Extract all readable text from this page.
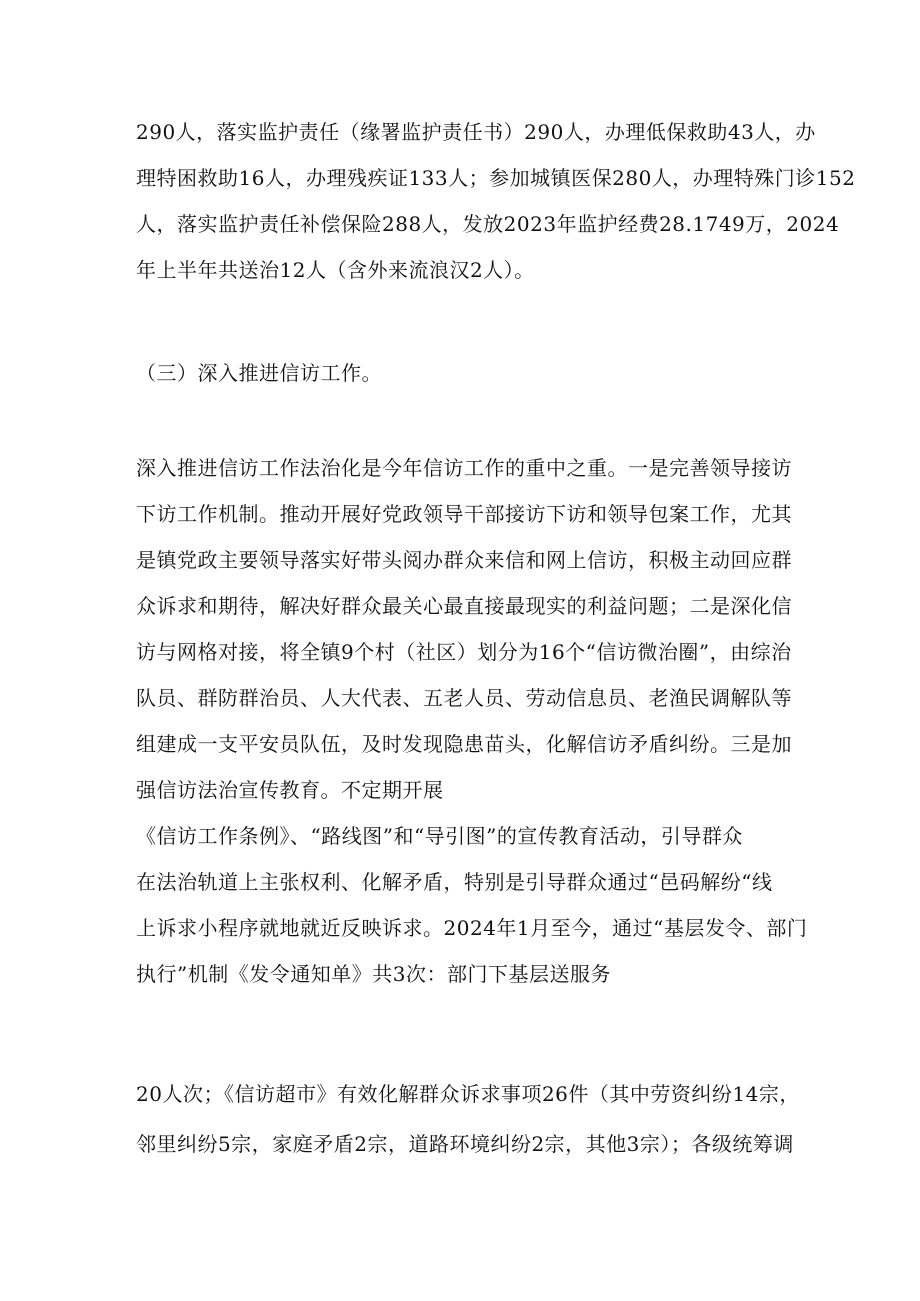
290人，落实监护责任（缘署监护责任书）290人，办理低保救助43人，办
理特困救助16人，办理残疾证133人；参加城镇医保280人，办理特殊门诊152
人，落实监护责任补偿保险288人，发放2023年监护经费28.1749万，2024
年上半年共送治12人（含外来流浪汉2人）。
（三）深入推进信访工作。
深入推进信访工作法治化是今年信访工作的重中之重。一是完善领导接访
下访工作机制。推动开展好党政领导干部接访下访和领导包案工作，尤其
是镇党政主要领导落实好带头阅办群众来信和网上信访，积极主动回应群
众诉求和期待，解决好群众最关心最直接最现实的利益问题；二是深化信
访与网格对接，将全镇9个村（社区）划分为16个“信访微治圈”，由综治
队员、群防群治员、人大代表、五老人员、劳动信息员、老渔民调解队等
组建成一支平安员队伍，及时发现隐患苗头，化解信访矛盾纠纷。三是加
强信访法治宣传教育。不定期开展
《信访工作条例》、“路线图”和“导引图”的宣传教育活动，引导群众
在法治轨道上主张权利、化解矛盾，特别是引导群众通过“邑码解纷“线
上诉求小程序就地就近反映诉求。2024年1月至今，通过“基层发令、部门
执行”机制《发令通知单》共3次：部门下基层送服务
20人次；《信访超市》有效化解群众诉求事项26件（其中劳资纠纷14宗，
邻里纠纷5宗，家庭矛盾2宗，道路环境纠纷2宗，其他3宗）；各级统筹调
